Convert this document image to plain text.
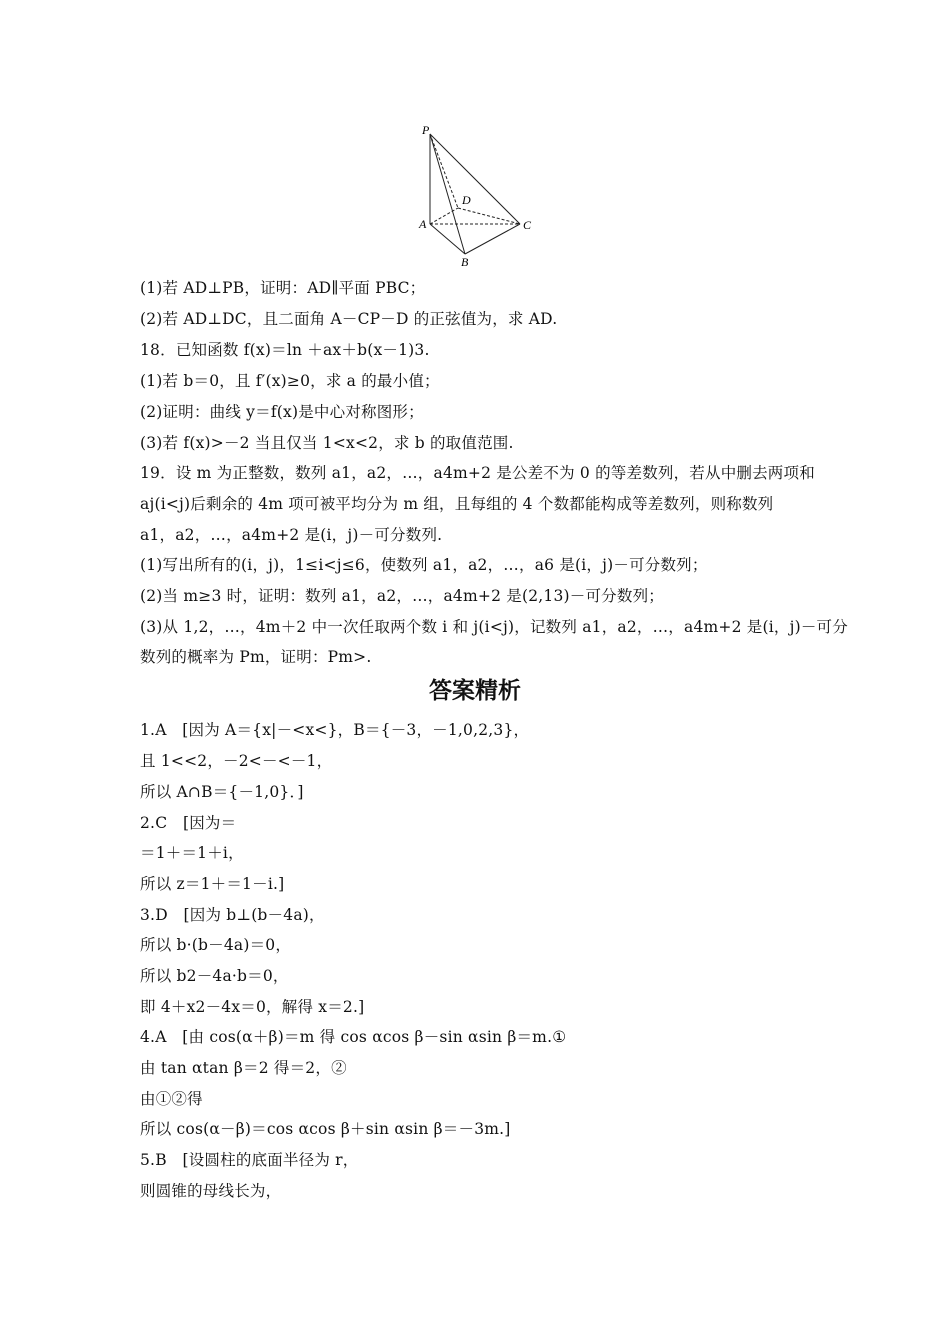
P
D
A	C
B
(1)若 AD⊥PB，证明：AD∥平面 PBC；
(2)若 AD⊥DC，且二面角 A－CP－D 的正弦值为，求 AD.
18．已知函数 f(x)＝ln ＋ax＋b(x－1)3.
(1)若 b＝0，且 f′(x)≥0，求 a 的最小值；
(2)证明：曲线 y＝f(x)是中心对称图形；
(3)若 f(x)>－2 当且仅当 1<x<2，求 b 的取值范围.
19．设 m 为正整数，数列 a1，a2，…，a4m+2 是公差不为 0 的等差数列，若从中删去两项和
aj(i<j)后剩余的 4m 项可被平均分为 m 组，且每组的 4 个数都能构成等差数列，则称数列
a1，a2，…，a4m+2 是(i，j)－可分数列.
(1)写出所有的(i，j)，1≤i<j≤6，使数列 a1，a2，…，a6 是(i，j)－可分数列；
(2)当 m≥3 时，证明：数列 a1，a2，…，a4m+2 是(2,13)－可分数列；
(3)从 1,2，…，4m＋2 中一次任取两个数 i 和 j(i<j)，记数列 a1，a2，…，a4m+2 是(i，j)－可分
数列的概率为 Pm，证明：Pm>.
答案精析
1.A　[因为 A＝{x|－<x<}，B＝{－3，－1,0,2,3}，
且 1<<2，－2<－<－1，
所以 A∩B＝{－1,0}．]
2.C　[因为＝
＝1＋＝1＋i，
所以 z＝1＋＝1－i.]
3.D　[因为 b⊥(b－4a)，
所以 b·(b－4a)＝0，
所以 b2－4a·b＝0，
即 4＋x2－4x＝0，解得 x＝2.]
4.A　[由 cos(α＋β)＝m 得 cos αcos β－sin αsin β＝m.①
由 tan αtan β＝2 得＝2，②
由①②得
所以 cos(α－β)＝cos αcos β＋sin αsin β＝－3m.]
5.B　[设圆柱的底面半径为 r，
则圆锥的母线长为，
